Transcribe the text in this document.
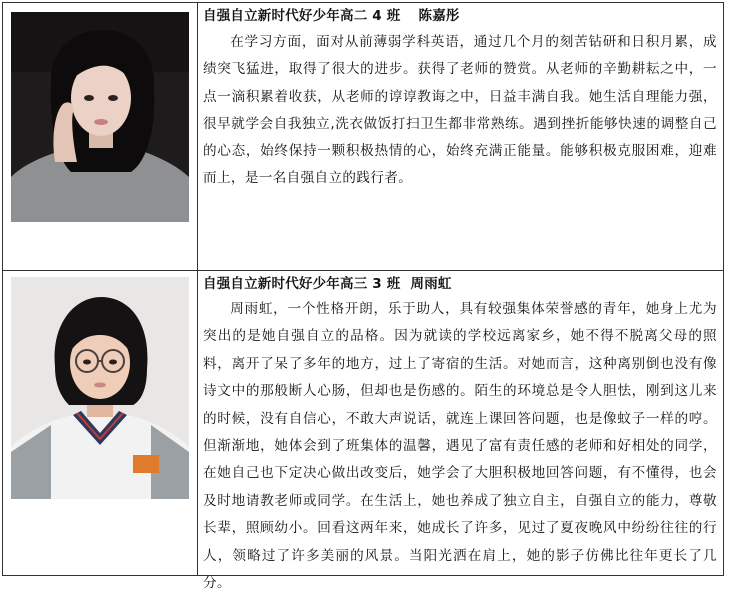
自强自立新时代好少年高二 4 班 陈嘉彤

在学习方面，面对从前薄弱学科英语，通过几个月的刻苦钻研和日积月累，成绩突飞猛进，取得了很大的进步。获得了老师的赞赏。从老师的辛勤耕耘之中，一点一滴积累着收获，从老师的谆谆教诲之中，日益丰满自我。她生活自理能力强，很早就学会自我独立,洗衣做饭打扫卫生都非常熟练。遇到挫折能够快速的调整自己的心态，始终保持一颗积极热情的心，始终充满正能量。能够积极克服困难，迎难而上，是一名自强自立的践行者。

自强自立新时代好少年高三 3 班 周雨虹

周雨虹，一个性格开朗，乐于助人，具有较强集体荣誉感的青年，她身上尤为突出的是她自强自立的品格。因为就读的学校远离家乡，她不得不脱离父母的照料，离开了呆了多年的地方，过上了寄宿的生活。对她而言，这种离别倒也没有像诗文中的那般断人心肠，但却也是伤感的。陌生的环境总是令人胆怯，刚到这儿来的时候，没有自信心，不敢大声说话，就连上课回答问题，也是像蚊子一样的哼。但渐渐地，她体会到了班集体的温馨，遇见了富有责任感的老师和好相处的同学，在她自己也下定决心做出改变后，她学会了大胆积极地回答问题，有不懂得，也会及时地请教老师或同学。在生活上，她也养成了独立自主，自强自立的能力，尊敬长辈，照顾幼小。回看这两年来，她成长了许多，见过了夏夜晚风中纷纷往往的行人，领略过了许多美丽的风景。当阳光洒在肩上，她的影子仿佛比往年更长了几分。
